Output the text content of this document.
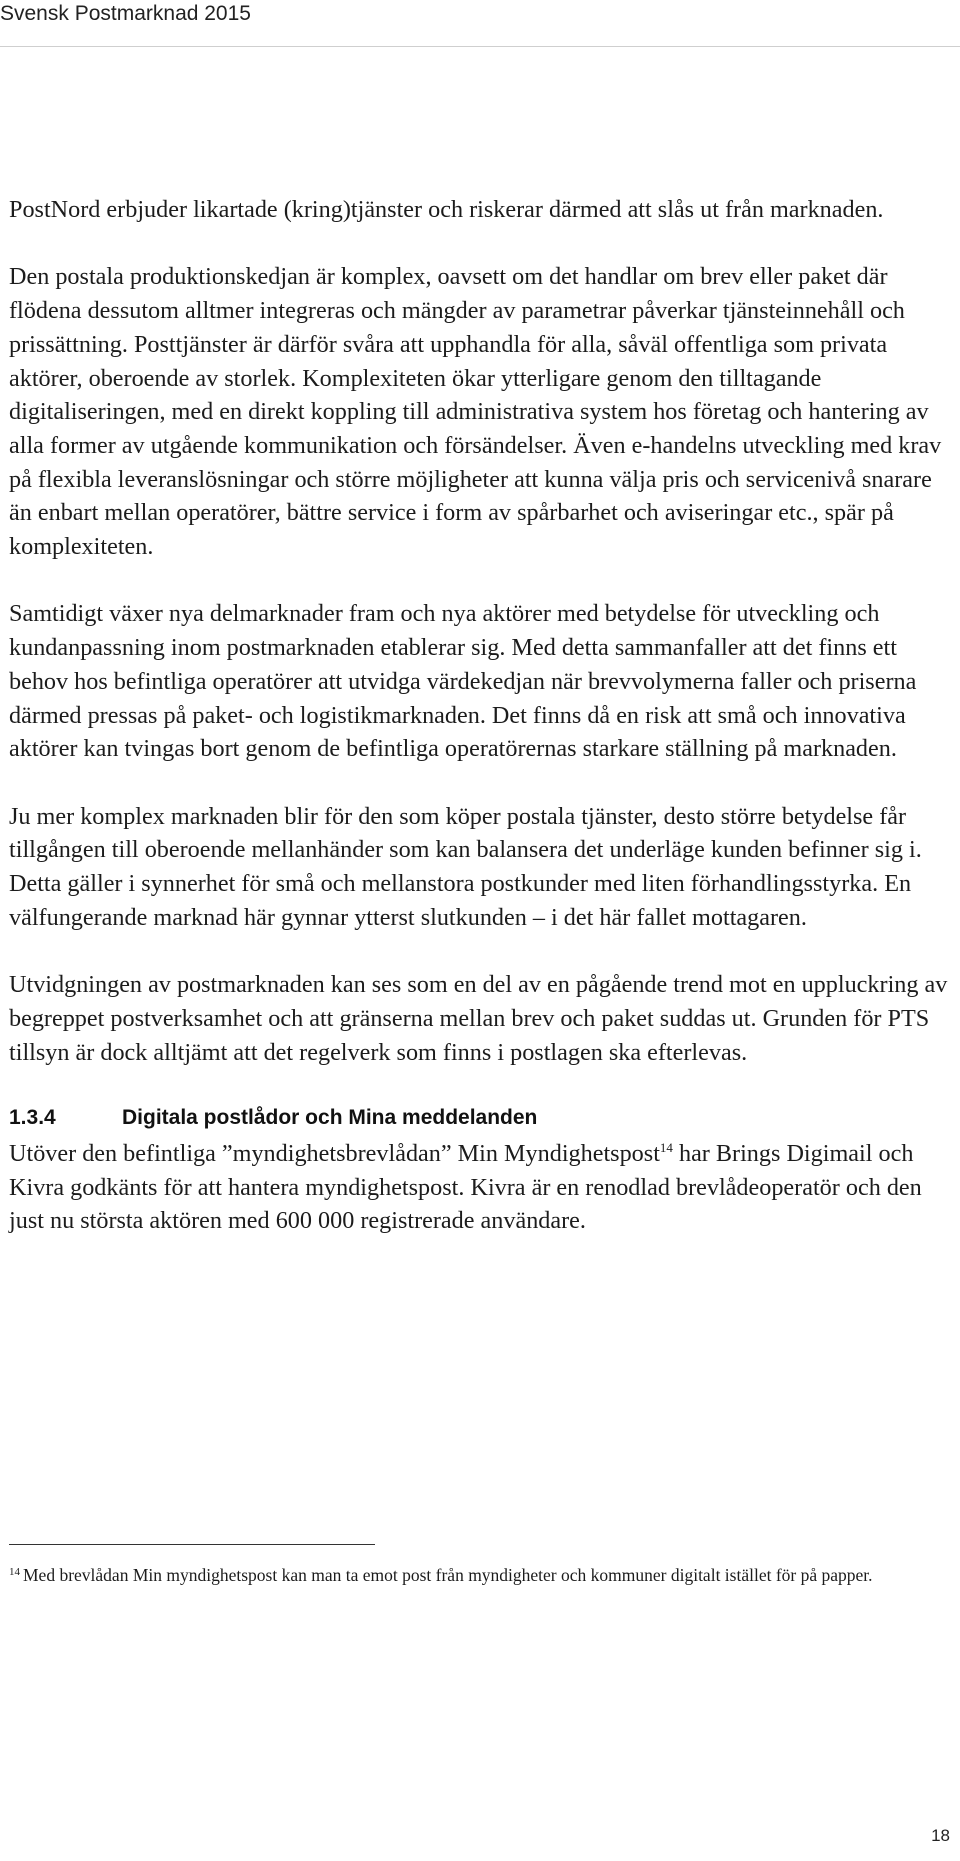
Svensk Postmarknad 2015

PostNord erbjuder likartade (kring)tjänster och riskerar därmed att slås ut från marknaden.

Den postala produktionskedjan är komplex, oavsett om det handlar om brev eller paket där flödena dessutom alltmer integreras och mängder av parametrar påverkar tjänsteinnehåll och prissättning. Posttjänster är därför svåra att upphandla för alla, såväl offentliga som privata aktörer, oberoende av storlek. Komplexiteten ökar ytterligare genom den tilltagande digitaliseringen, med en direkt koppling till administrativa system hos företag och hantering av alla former av utgående kommunikation och försändelser. Även e-handelns utveckling med krav på flexibla leveranslösningar och större möjligheter att kunna välja pris och servicenivå snarare än enbart mellan operatörer, bättre service i form av spårbarhet och aviseringar etc., spär på komplexiteten.

Samtidigt växer nya delmarknader fram och nya aktörer med betydelse för utveckling och kundanpassning inom postmarknaden etablerar sig. Med detta sammanfaller att det finns ett behov hos befintliga operatörer att utvidga värdekedjan när brevvolymerna faller och priserna därmed pressas på paket- och logistikmarknaden. Det finns då en risk att små och innovativa aktörer kan tvingas bort genom de befintliga operatörernas starkare ställning på marknaden.

Ju mer komplex marknaden blir för den som köper postala tjänster, desto större betydelse får tillgången till oberoende mellanhänder som kan balansera det underläge kunden befinner sig i. Detta gäller i synnerhet för små och mellanstora postkunder med liten förhandlingsstyrka. En välfungerande marknad här gynnar ytterst slutkunden – i det här fallet mottagaren.

Utvidgningen av postmarknaden kan ses som en del av en pågående trend mot en uppluckring av begreppet postverksamhet och att gränserna mellan brev och paket suddas ut. Grunden för PTS tillsyn är dock alltjämt att det regelverk som finns i postlagen ska efterlevas.

1.3.4	Digitala postlådor och Mina meddelanden

Utöver den befintliga ”myndighetsbrevlådan” Min Myndighetspost$^{14}$ har Brings Digimail och Kivra godkänts för att hantera myndighetspost. Kivra är en renodlad brevlådeoperatör och den just nu största aktören med 600 000 registrerade användare.

$^{14}$ Med brevlådan Min myndighetspost kan man ta emot post från myndigheter och kommuner digitalt istället för på papper.
18
